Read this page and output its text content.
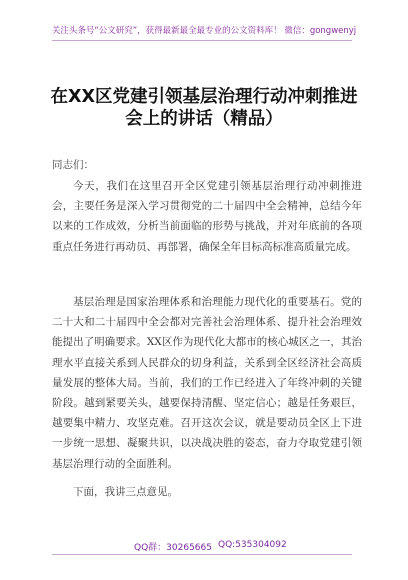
关注头条号“公文研究”，获得最新最全最专业的公文资料库！ 微信：gongwenyj
在XX区党建引领基层治理行动冲刺推进会上的讲话（精品）
同志们：
今天，我们在这里召开全区党建引领基层治理行动冲刺推进会，主要任务是深入学习贯彻党的二十届四中全会精神，总结今年以来的工作成效，分析当前面临的形势与挑战，并对年底前的各项重点任务进行再动员、再部署，确保全年目标高标准高质量完成。
基层治理是国家治理体系和治理能力现代化的重要基石。党的二十大和二十届四中全会都对完善社会治理体系、提升社会治理效能提出了明确要求。XX区作为现代化大都市的核心城区之一，其治理水平直接关系到人民群众的切身利益，关系到全区经济社会高质量发展的整体大局。当前，我们的工作已经进入了年终冲刺的关键阶段。越到紧要关头，越要保持清醒、坚定信心；越是任务艰巨，越要集中精力、攻坚克难。召开这次会议，就是要动员全区上下进一步统一思想、凝聚共识，以决战决胜的姿态，奋力夺取党建引领基层治理行动的全面胜利。
下面，我讲三点意见。
QQ群：30265665 QQ:535304092
